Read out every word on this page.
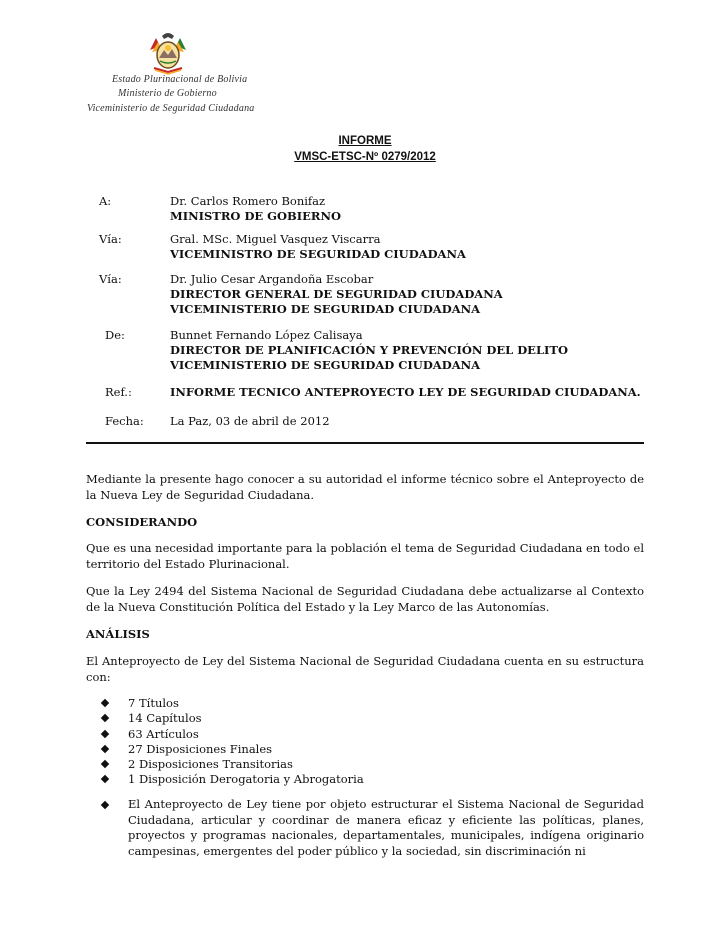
Estado Plurinacional de Bolivia
Ministerio de Gobierno
Viceministerio de Seguridad Ciudadana
INFORME
VMSC-ETSC-Nº 0279/2012
A:	Dr. Carlos Romero Bonifaz
MINISTRO DE GOBIERNO
Vía:	Gral. MSc. Miguel Vasquez Viscarra
VICEMINISTRO DE SEGURIDAD CIUDADANA
Vía:	Dr. Julio Cesar Argandoña Escobar
DIRECTOR GENERAL DE SEGURIDAD CIUDADANA
VICEMINISTERIO DE SEGURIDAD CIUDADANA
De:	Bunnet Fernando López Calisaya
DIRECTOR DE PLANIFICACIÓN Y PREVENCIÓN DEL DELITO
VICEMINISTERIO DE SEGURIDAD CIUDADANA
Ref.:	INFORME TECNICO ANTEPROYECTO LEY DE SEGURIDAD CIUDADANA.
Fecha: La Paz, 03 de abril de 2012
Mediante la presente hago conocer a su autoridad el informe técnico sobre el Anteproyecto de la Nueva Ley de Seguridad Ciudadana.
CONSIDERANDO
Que es una necesidad importante para la población el tema de Seguridad Ciudadana en todo el territorio del Estado Plurinacional.
Que la Ley 2494 del Sistema Nacional de Seguridad Ciudadana debe actualizarse al Contexto de la Nueva Constitución Política del Estado y la Ley Marco de las Autonomías.
ANÁLISIS
El Anteproyecto de Ley del Sistema Nacional de Seguridad Ciudadana cuenta en su estructura con:
7 Títulos
14 Capítulos
63 Artículos
27 Disposiciones Finales
2 Disposiciones Transitorias
1 Disposición Derogatoria y Abrogatoria

El Anteproyecto de Ley tiene por objeto estructurar el Sistema Nacional de Seguridad Ciudadana, articular y coordinar de manera eficaz y eficiente las políticas, planes, proyectos y programas nacionales, departamentales, municipales, indígena originario campesinas, emergentes del poder público y la sociedad, sin discriminación ni
